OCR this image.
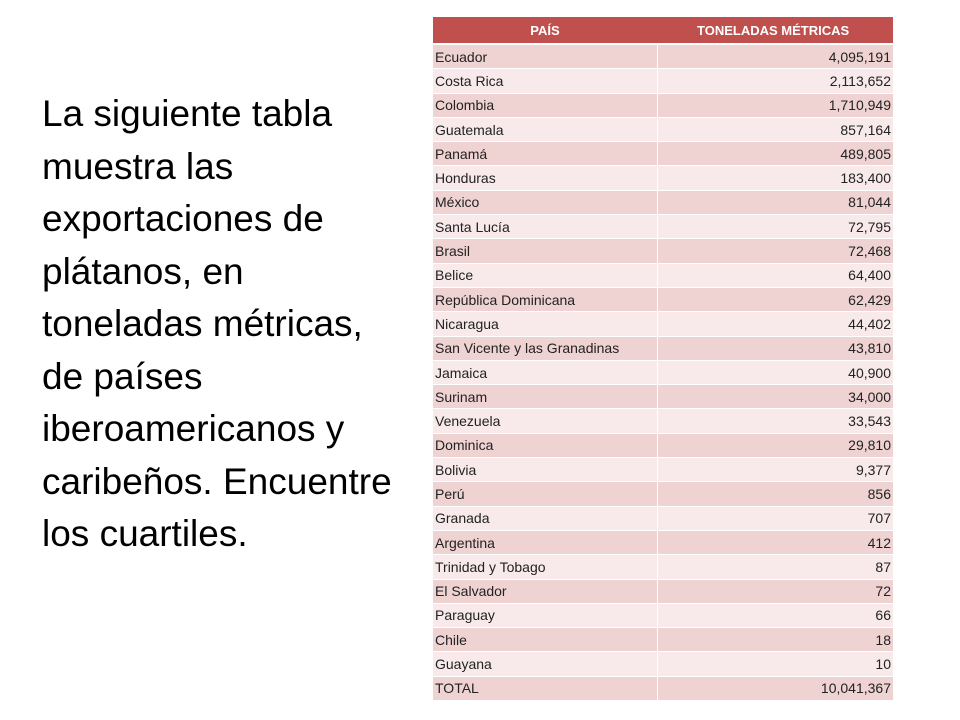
La siguiente tabla muestra las exportaciones de plátanos, en toneladas métricas, de países iberoamericanos y caribeños. Encuentre los cuartiles.

PAÍS	TONELADAS MÉTRICAS
Ecuador	4,095,191
Costa Rica	2,113,652
Colombia	1,710,949
Guatemala	857,164
Panamá	489,805
Honduras	183,400
México	81,044
Santa Lucía	72,795
Brasil	72,468
Belice	64,400
República Dominicana	62,429
Nicaragua	44,402
San Vicente y las Granadinas	43,810
Jamaica	40,900
Surinam	34,000
Venezuela	33,543
Dominica	29,810
Bolivia	9,377
Perú	856
Granada	707
Argentina	412
Trinidad y Tobago	87
El Salvador	72
Paraguay	66
Chile	18
Guayana	10
TOTAL	10,041,367
